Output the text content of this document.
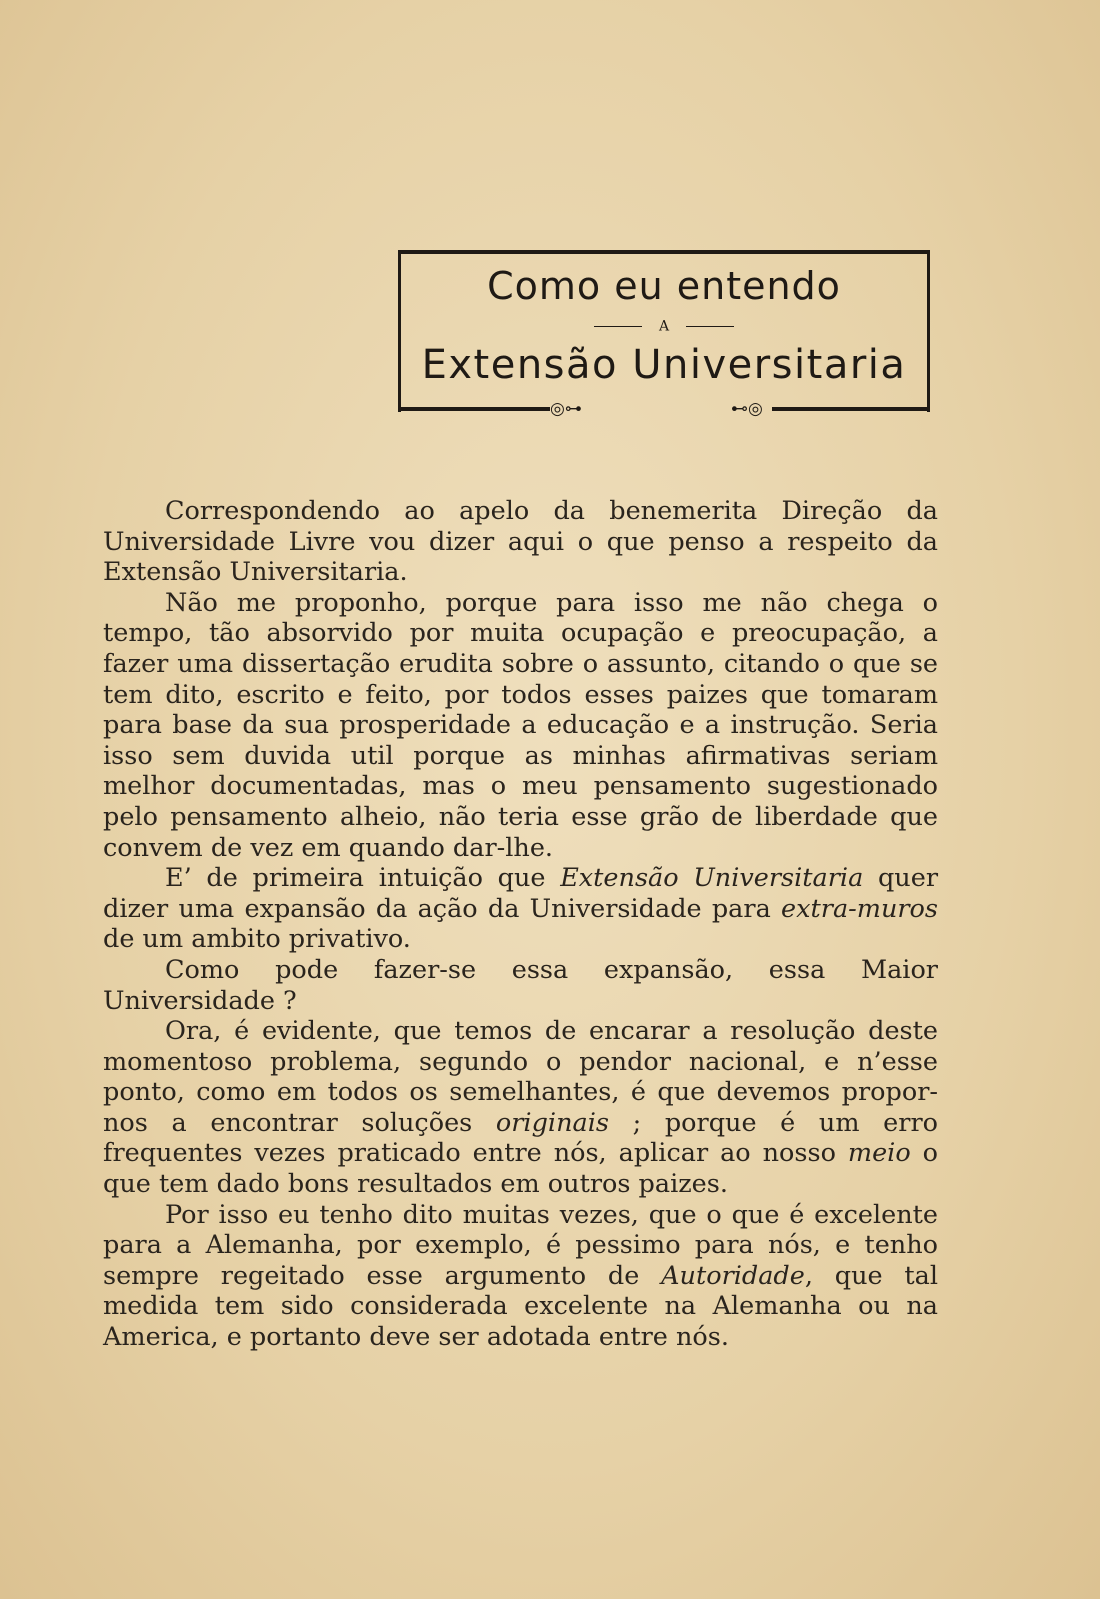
◎⊶	⊷◎
Como eu entendo
A
Extensão Universitaria

Correspondendo ao apelo da benemerita Direção da Universidade Livre vou dizer aqui o que penso a respeito da Extensão Universitaria.

Não me proponho, porque para isso me não chega o tempo, tão absorvido por muita ocupação e preocupação, a fazer uma dissertação erudita sobre o assunto, citando o que se tem dito, escrito e feito, por todos esses paizes que tomaram para base da sua prosperidade a educação e a instrução. Seria isso sem duvida util porque as minhas afirmativas seriam melhor documentadas, mas o meu pensamento sugestionado pelo pensamento alheio, não teria esse grão de liberdade que convem de vez em quando dar-lhe.

E’ de primeira intuição que Extensão Universitaria quer dizer uma expansão da ação da Universidade para extra-muros de um ambito privativo.

Como pode fazer-se essa expansão, essa Maior Universidade ?

Ora, é evidente, que temos de encarar a resolução deste momentoso problema, segundo o pendor nacional, e n’esse ponto, como em todos os semelhantes, é que devemos propor-nos a encontrar soluções originais ; porque é um erro frequentes vezes praticado entre nós, aplicar ao nosso meio o que tem dado bons resultados em outros paizes.

Por isso eu tenho dito muitas vezes, que o que é excelente para a Alemanha, por exemplo, é pessimo para nós, e tenho sempre regeitado esse argumento de Autoridade, que tal medida tem sido considerada excelente na Alemanha ou na America, e portanto deve ser adotada entre nós.
